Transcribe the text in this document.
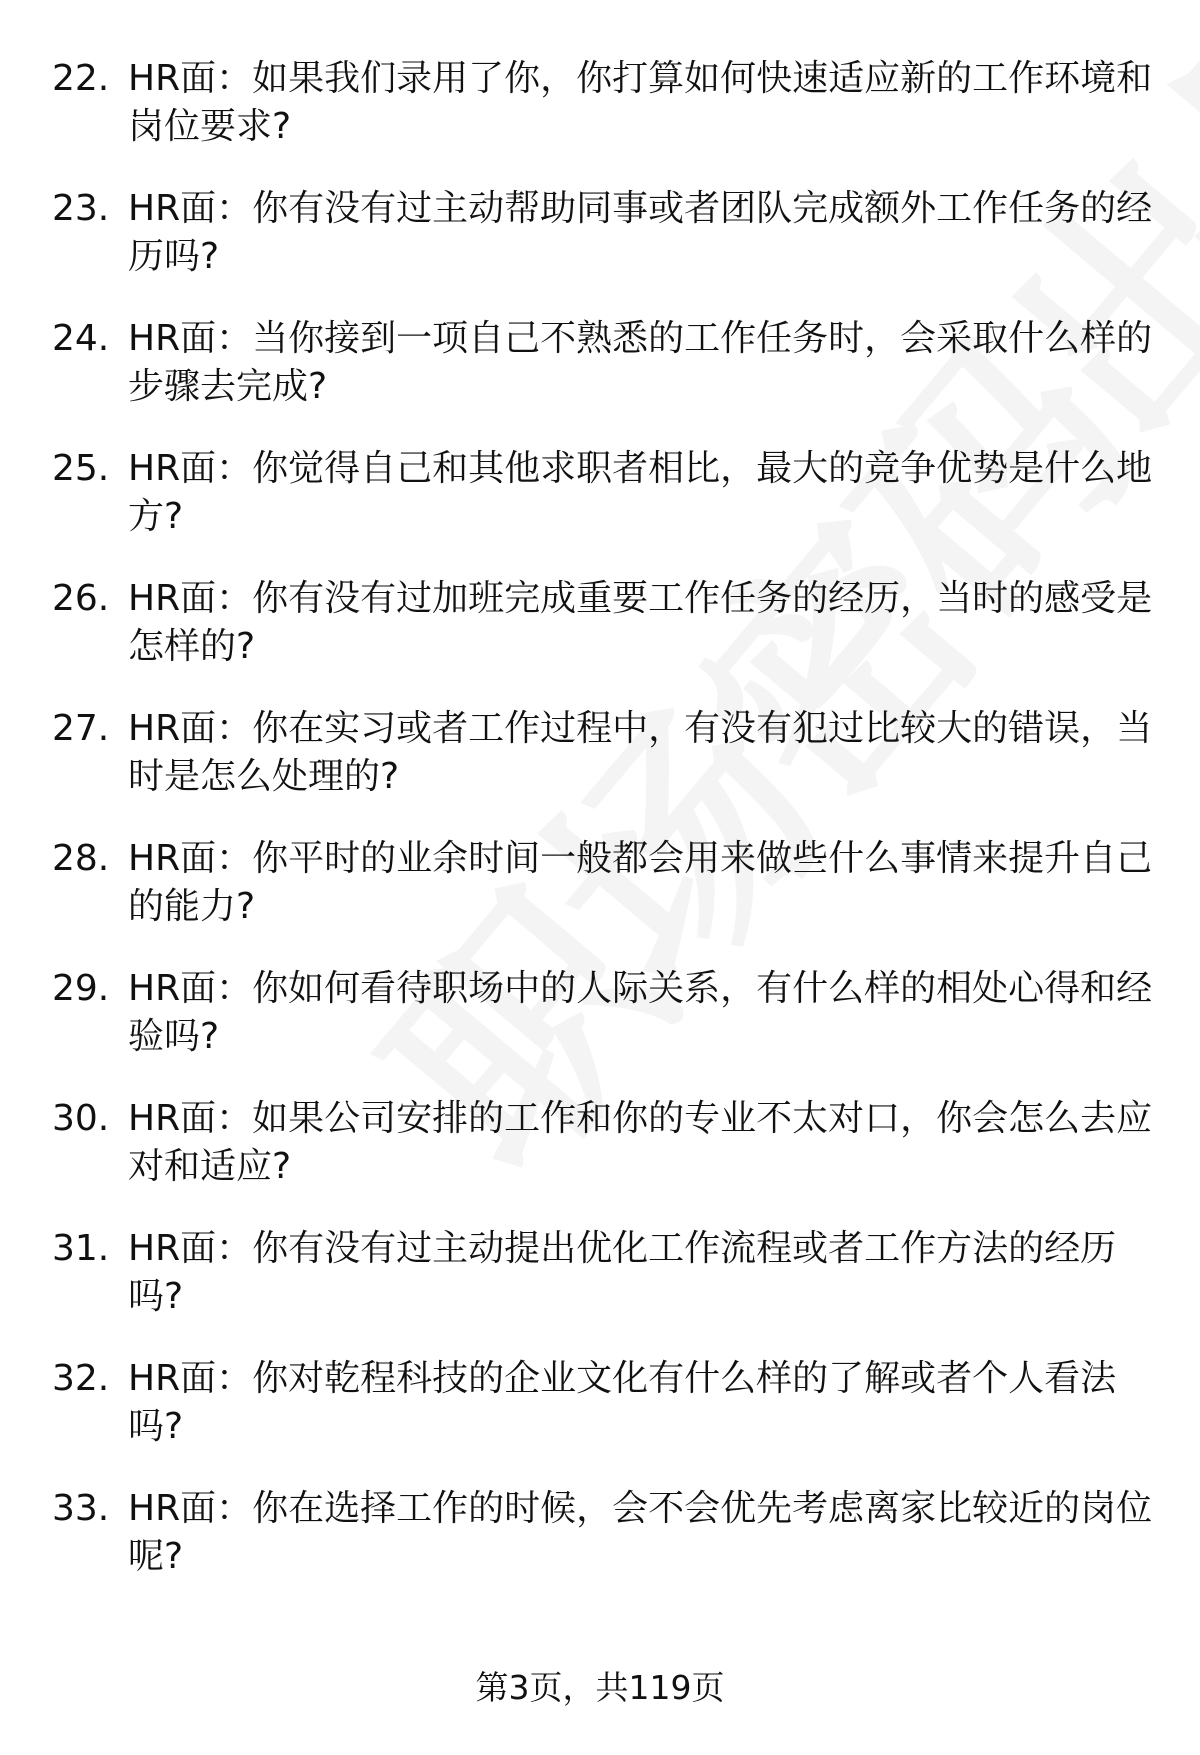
22. HR面：如果我们录用了你，你打算如何快速适应新的工作环境和岗位要求?
23. HR面：你有没有过主动帮助同事或者团队完成额外工作任务的经历吗?
24. HR面：当你接到一项自己不熟悉的工作任务时，会采取什么样的步骤去完成?
25. HR面：你觉得自己和其他求职者相比，最大的竞争优势是什么地方?
26. HR面：你有没有过加班完成重要工作任务的经历，当时的感受是怎样的?
27. HR面：你在实习或者工作过程中，有没有犯过比较大的错误，当时是怎么处理的?
28. HR面：你平时的业余时间一般都会用来做些什么事情来提升自己的能力?
29. HR面：你如何看待职场中的人际关系，有什么样的相处心得和经验吗?
30. HR面：如果公司安排的工作和你的专业不太对口，你会怎么去应对和适应?
31. HR面：你有没有过主动提出优化工作流程或者工作方法的经历吗?
32. HR面：你对乾程科技的企业文化有什么样的了解或者个人看法吗?
33. HR面：你在选择工作的时候，会不会优先考虑离家比较近的岗位呢?
第3页，共119页
